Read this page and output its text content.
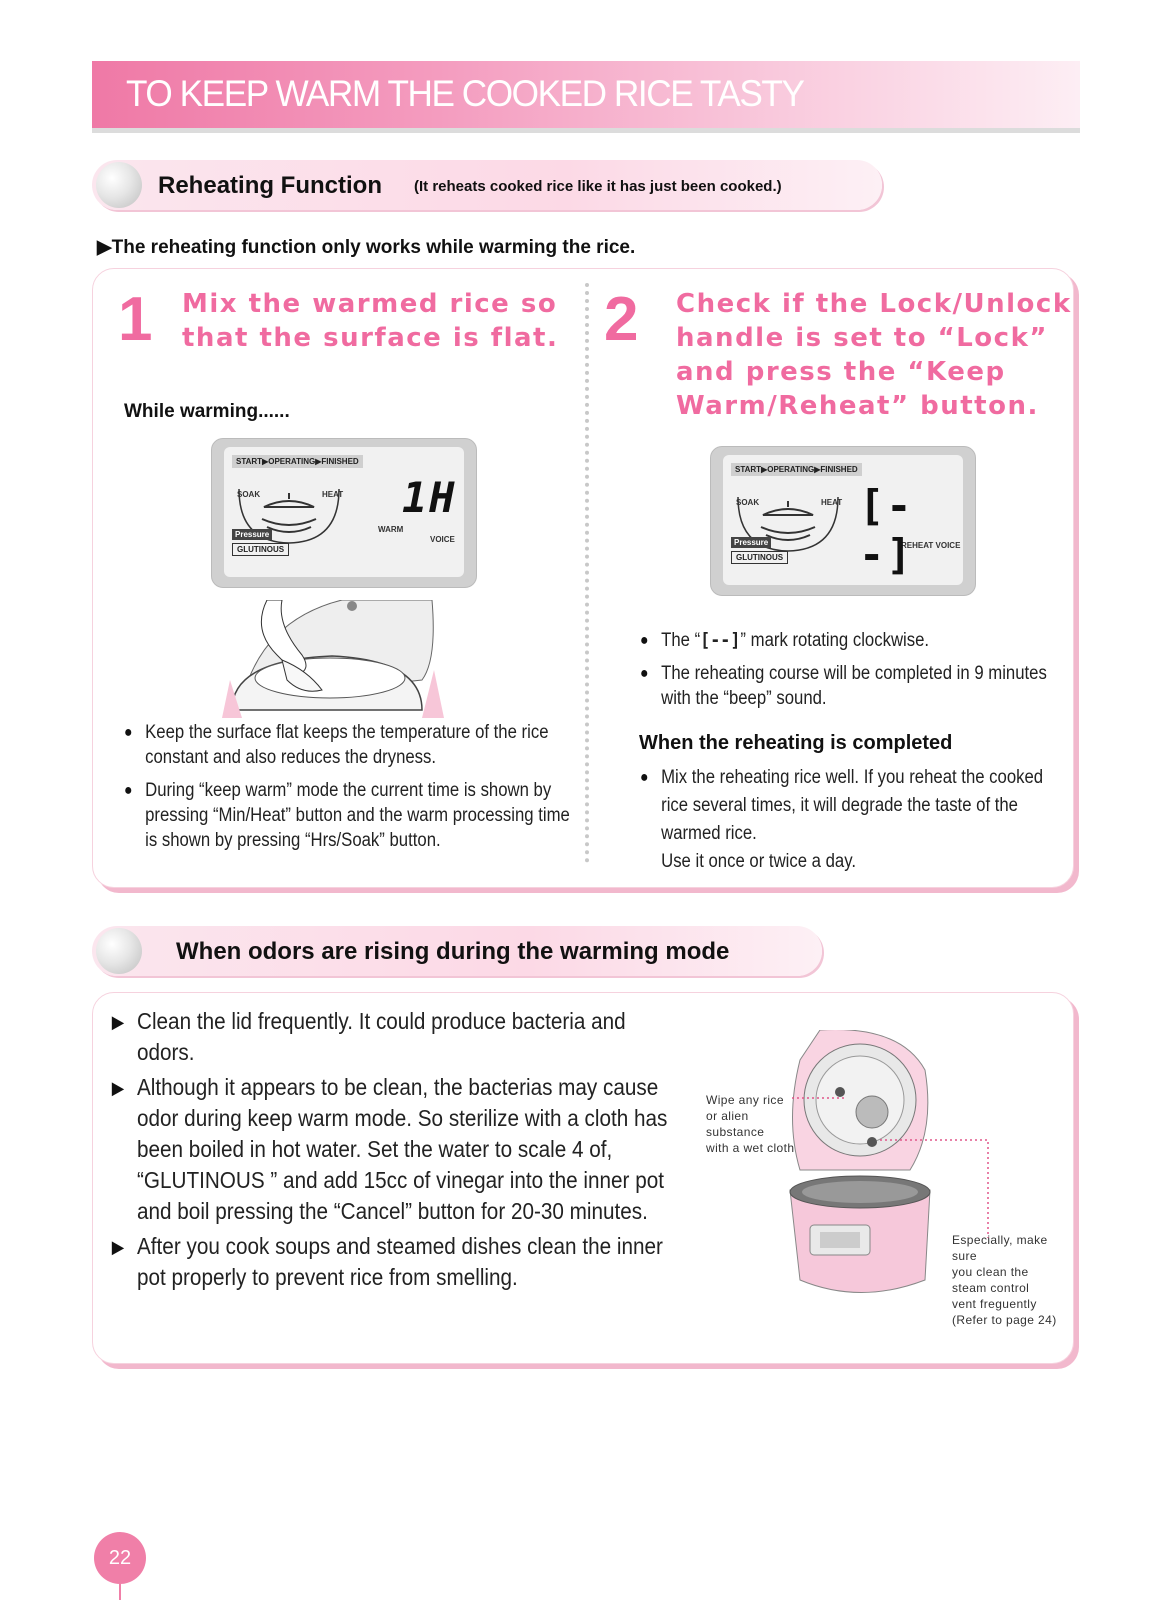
TO KEEP WARM THE COOKED RICE TASTY
Reheating Function (It reheats cooked rice like it has just been cooked.)
▶The reheating function only works while warming the rice.
1 Mix the warmed rice so
that the surface is flat.
While warming......
START▶OPERATING▶FINISHED
SOAK	HEAT
Pressure
GLUTINOUS
WARM
VOICE
1H
● Keep the surface flat keeps the temperature of the rice constant and also reduces the dryness.
● During “keep warm” mode the current time is shown by pressing “Min/Heat” button and the warm processing time is shown by pressing “Hrs/Soak” button.
2 Check if the Lock/Unlock
handle is set to “Lock”
and press the “Keep
Warm/Reheat” button.
START▶OPERATING▶FINISHED
SOAK	HEAT
Pressure
GLUTINOUS
REHEAT VOICE
[--]
● The “[--]” mark rotating clockwise.
● The reheating course will be completed in 9 minutes with the “beep” sound.
When the reheating is completed
● Mix the reheating rice well. If you reheat the cooked rice several times, it will degrade the taste of the warmed rice.
Use it once or twice a day.
When odors are rising during the warming mode
▶ Clean the lid frequently. It could produce bacteria and odors.
▶ Although it appears to be clean, the bacterias may cause odor during keep warm mode. So sterilize with a cloth has been boiled in hot water. Set the water to scale 4 of, “GLUTINOUS ” and add 15cc of vinegar into the inner pot and boil pressing the “Cancel” button for 20-30 minutes.
▶ After you cook soups and steamed dishes clean the inner pot properly to prevent rice from smelling.
Wipe any rice
or alien
substance
with a wet cloth
Especially, make
sure
you clean the
steam control
vent freguently
(Refer to page 24)
22
